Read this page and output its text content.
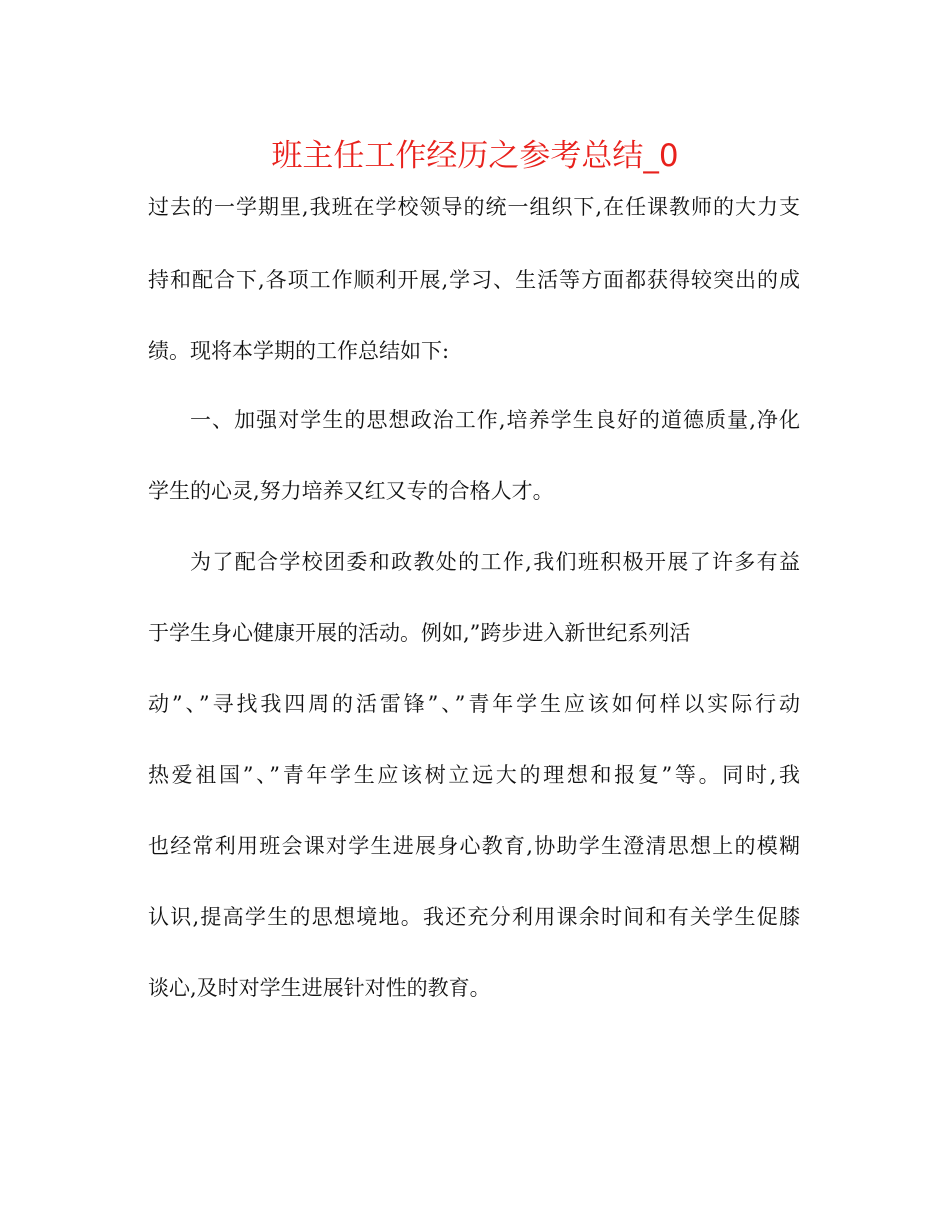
班主任工作经历之参考总结_0

过去的一学期里,我班在学校领导的统一组织下,在任课教师的大力支

持和配合下,各项工作顺利开展,学习、生活等方面都获得较突出的成

绩。现将本学期的工作总结如下:

一、加强对学生的思想政治工作,培养学生良好的道德质量,净化

学生的心灵,努力培养又红又专的合格人才。

为了配合学校团委和政教处的工作,我们班积极开展了许多有益

于学生身心健康开展的活动。例如,”跨步进入新世纪系列活

动”、”寻找我四周的活雷锋”、”青年学生应该如何样以实际行动

热爱祖国”、”青年学生应该树立远大的理想和报复”等。同时,我

也经常利用班会课对学生进展身心教育,协助学生澄清思想上的模糊

认识,提高学生的思想境地。我还充分利用课余时间和有关学生促膝

谈心,及时对学生进展针对性的教育。
